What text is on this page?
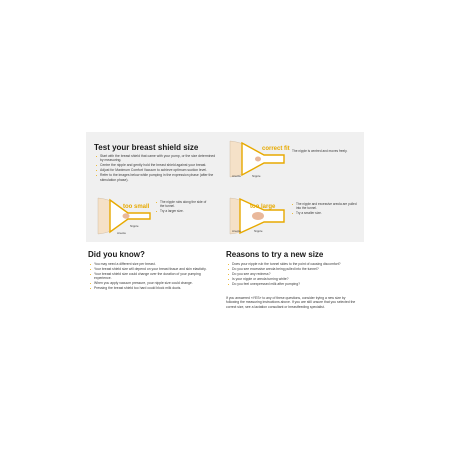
Test your breast shield size
Start with the breast shield that came with your pump, or the size determined by measuring.
Centre the nipple and gently hold the breast shield against your breast.
Adjust for Maximum Comfort Vacuum to achieve optimum suction level.
Refer to the images below while pumping in the expression phase (after the stimulation phase).
correct fit
Areola	Nipple
The nipple is centred and moves freely.
too small
Nipple
Areola
The nipple rubs along the side of the tunnel.
Try a larger size.
too large
Areola	Nipple
The nipple and excessive areola are pulled into the tunnel.
Try a smaller size.
Did you know?
You may need a different size per breast.
Your breast shield size will depend on your breast tissue and skin elasticity.
Your breast shield size could change over the duration of your pumping experience.
When you apply vacuum pressure, your nipple size could change.
Pressing the breast shield too hard could block milk ducts.
Reasons to try a new size
Does your nipple rub the tunnel sides to the point of causing discomfort?
Do you see excessive areola being pulled into the tunnel?
Do you see any redness?
Is your nipple or areola turning white?
Do you feel unexpressed milk after pumping?

If you answered «YES» to any of these questions, consider trying a new size by following the measuring instructions above. If you are still unsure that you selected the correct size, see a lactation consultant or breastfeeding specialist.
